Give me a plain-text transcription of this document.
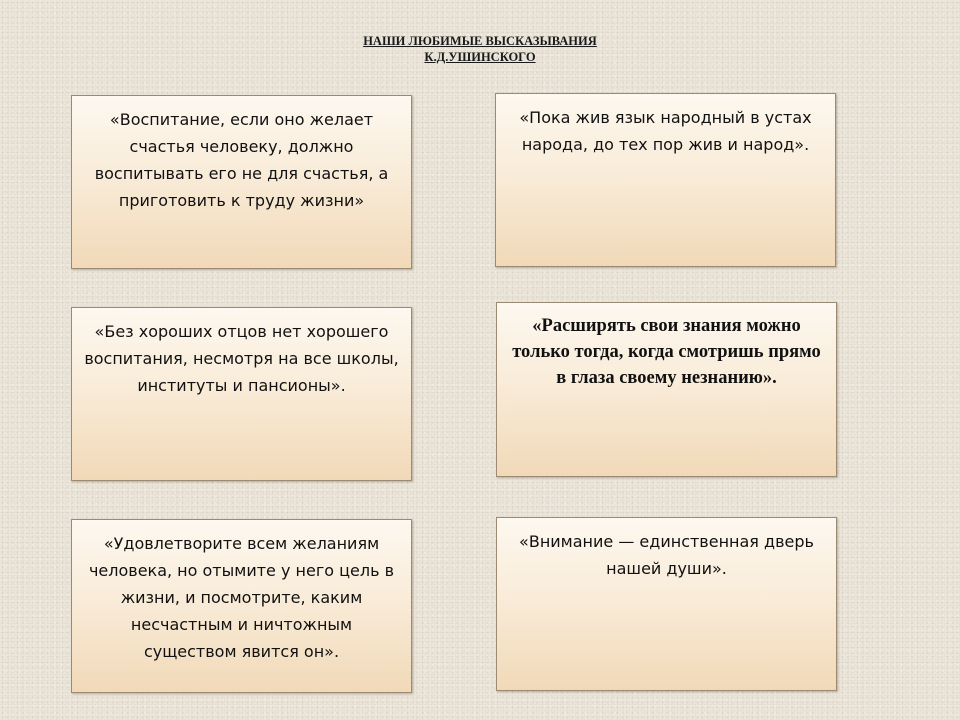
НАШИ ЛЮБИМЫЕ ВЫСКАЗЫВАНИЯ
К.Д.УШИНСКОГО

«Воспитание, если оно желает счастья человеку, должно воспитывать его не для счастья, а приготовить к труду жизни»

«Пока жив язык народный в устах народа, до тех пор жив и народ».

«Без хороших отцов нет хорошего воспитания, несмотря на все школы, институты и пансионы».

«Расширять свои знания можно только тогда, когда смотришь прямо в глаза своему незнанию».

«Удовлетворите всем желаниям человека, но отымите у него цель в жизни, и посмотрите, каким несчастным и ничтожным существом явится он».

«Внимание — единственная дверь нашей души».
